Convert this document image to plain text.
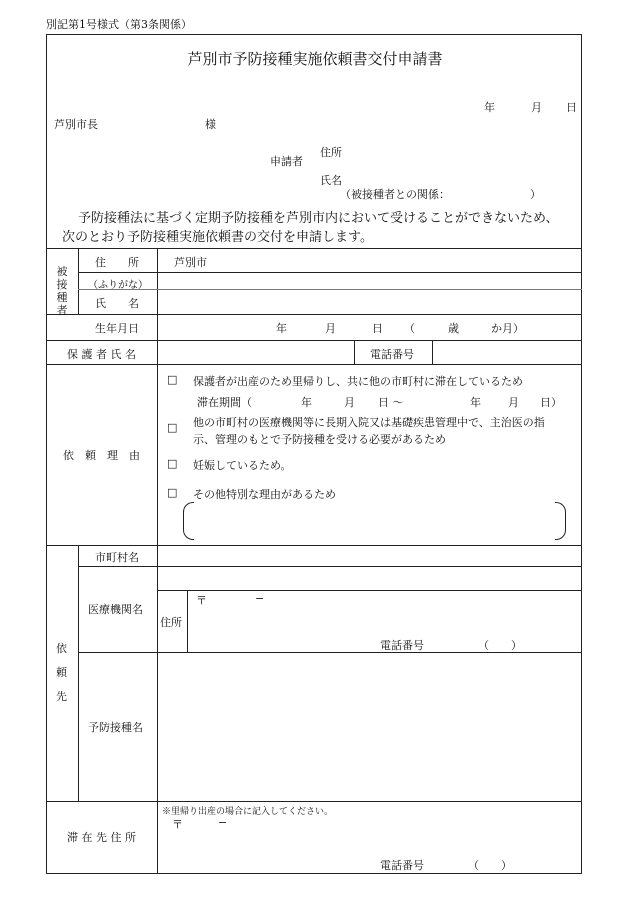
別記第1号様式（第3条関係）
芦別市予防接種実施依頼書交付申請書
年	月 日
芦別市長	様
住所
申請者
氏名
（被接種者との関係：	）
予防接種法に基づく定期予防接種を芦別市内において受けることができないため、
次のとおり予防接種実施依頼書の交付を申請します。
被接種者
住　　所	芦別市
（ふりがな）
氏　　名
生年月日	年	月	日 （	歳	か月）
保 護 者 氏 名	電話番号
依　頼　理　由
□ 保護者が出産のため里帰りし、共に他の市町村に滞在しているため
滞在期間（	年	月 日 〜	年 月 日）
□ 他の市町村の医療機関等に長期入院又は基礎疾患管理中で、主治医の指
示、管理のもとで予防接種を受ける必要があるため
□ 妊娠しているため。
□ その他特別な理由があるため
依
頼
先
市町村名
医療機関名
住所
〒	−
電話番号	（　　）
予防接種名
滞 在 先 住 所
※里帰り出産の場合に記入してください。
〒	−
電話番号	（　　）
